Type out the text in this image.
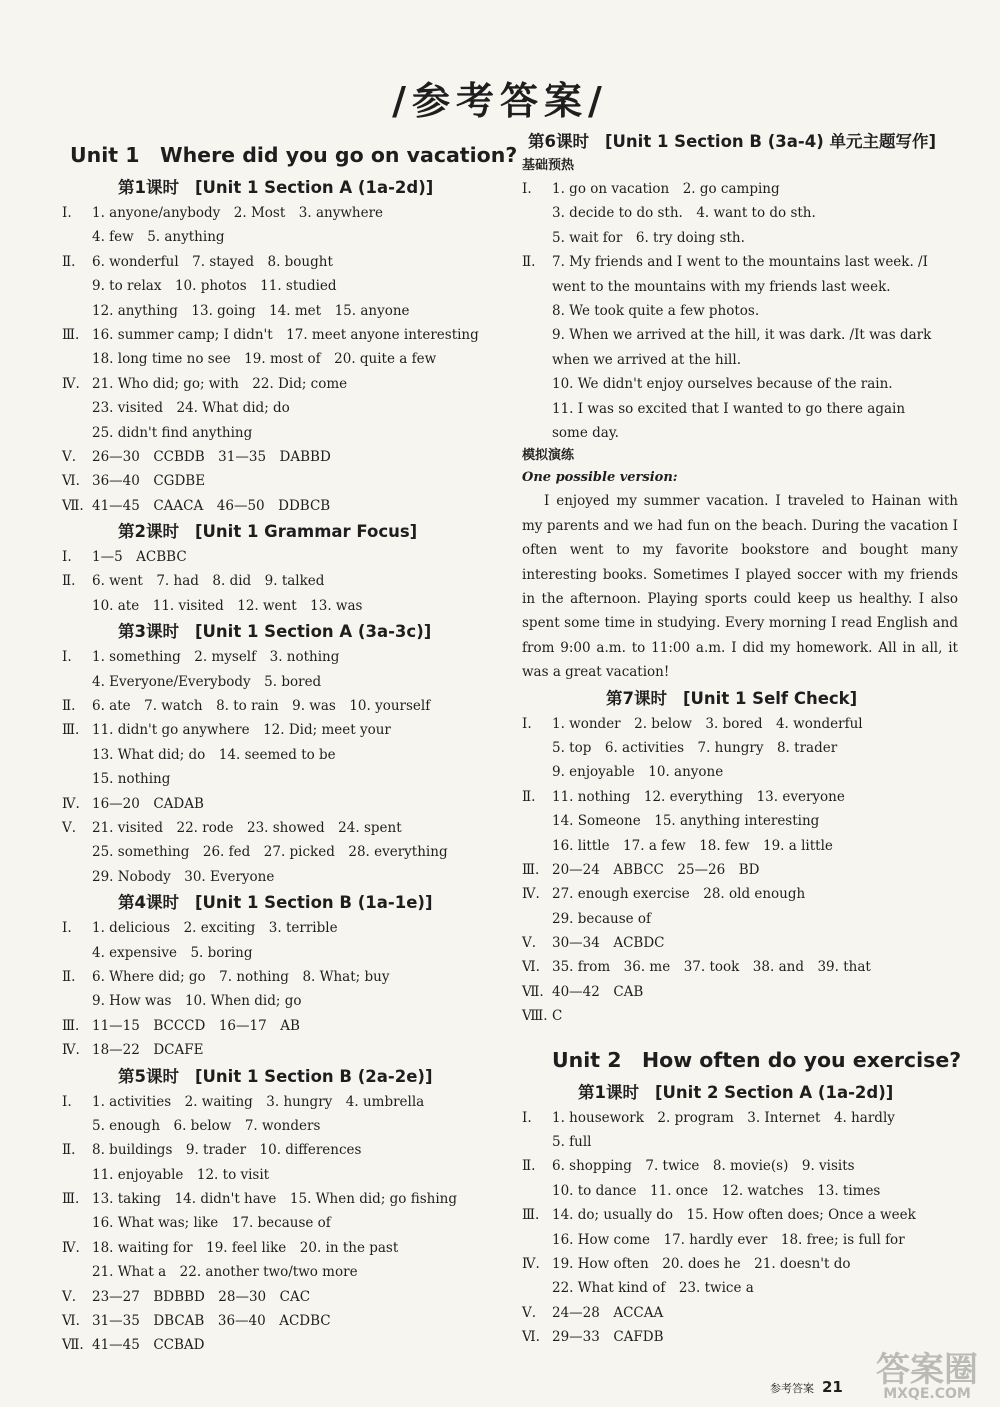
/参考答案/
Unit 1　Where did you go on vacation?
第1课时 [Unit 1 Section A (1a-2d)]
Ⅰ. 1. anyone/anybody　2. Most　3. anywhere
4. few　5. anything
Ⅱ. 6. wonderful　7. stayed　8. bought
9. to relax　10. photos　11. studied
12. anything　13. going　14. met　15. anyone
Ⅲ. 16. summer camp; I didn't　17. meet anyone interesting
18. long time no see　19. most of　20. quite a few
Ⅳ. 21. Who did; go; with　22. Did; come
23. visited　24. What did; do
25. didn't find anything
Ⅴ. 26—30　CCBDB　31—35　DABBD
Ⅵ. 36—40　CGDBE
Ⅶ. 41—45　CAACA　46—50　DDBCB
第2课时 [Unit 1 Grammar Focus]
Ⅰ. 1—5　ACBBC
Ⅱ. 6. went　7. had　8. did　9. talked
10. ate　11. visited　12. went　13. was
第3课时 [Unit 1 Section A (3a-3c)]
Ⅰ. 1. something　2. myself　3. nothing
4. Everyone/Everybody　5. bored
Ⅱ. 6. ate　7. watch　8. to rain　9. was　10. yourself
Ⅲ. 11. didn't go anywhere　12. Did; meet your
13. What did; do　14. seemed to be
15. nothing
Ⅳ. 16—20　CADAB
Ⅴ. 21. visited　22. rode　23. showed　24. spent
25. something　26. fed　27. picked　28. everything
29. Nobody　30. Everyone
第4课时 [Unit 1 Section B (1a-1e)]
Ⅰ. 1. delicious　2. exciting　3. terrible
4. expensive　5. boring
Ⅱ. 6. Where did; go　7. nothing　8. What; buy
9. How was　10. When did; go
Ⅲ. 11—15　BCCCD　16—17　AB
Ⅳ. 18—22　DCAFE
第5课时 [Unit 1 Section B (2a-2e)]
Ⅰ. 1. activities　2. waiting　3. hungry　4. umbrella
5. enough　6. below　7. wonders
Ⅱ. 8. buildings　9. trader　10. differences
11. enjoyable　12. to visit
Ⅲ. 13. taking　14. didn't have　15. When did; go fishing
16. What was; like　17. because of
Ⅳ. 18. waiting for　19. feel like　20. in the past
21. What a　22. another two/two more
Ⅴ. 23—27　BDBBD　28—30　CAC
Ⅵ. 31—35　DBCAB　36—40　ACDBC
Ⅶ. 41—45　CCBAD
第6课时 [Unit 1 Section B (3a-4) 单元主题写作]
基础预热
Ⅰ. 1. go on vacation　2. go camping
3. decide to do sth.　4. want to do sth.
5. wait for　6. try doing sth.
Ⅱ. 7. My friends and I went to the mountains last week. /I
went to the mountains with my friends last week.
8. We took quite a few photos.
9. When we arrived at the hill, it was dark. /It was dark
when we arrived at the hill.
10. We didn't enjoy ourselves because of the rain.
11. I was so excited that I wanted to go there again
some day.
模拟演练
One possible version:

I enjoyed my summer vacation. I traveled to Hainan with my parents and we had fun on the beach. During the vacation I often went to my favorite bookstore and bought many interesting books. Sometimes I played soccer with my friends in the afternoon. Playing sports could keep us healthy. I also spent some time in studying. Every morning I read English and from 9:00 a.m. to 11:00 a.m. I did my homework. All in all, it was a great vacation!

第7课时 [Unit 1 Self Check]
Ⅰ. 1. wonder　2. below　3. bored　4. wonderful
5. top　6. activities　7. hungry　8. trader
9. enjoyable　10. anyone
Ⅱ. 11. nothing　12. everything　13. everyone
14. Someone　15. anything interesting
16. little　17. a few　18. few　19. a little
Ⅲ. 20—24　ABBCC　25—26　BD
Ⅳ. 27. enough exercise　28. old enough
29. because of
Ⅴ. 30—34　ACBDC
Ⅵ. 35. from　36. me　37. took　38. and　39. that
Ⅶ. 40—42　CAB
Ⅷ. C
Unit 2　How often do you exercise?
第1课时 [Unit 2 Section A (1a-2d)]
Ⅰ. 1. housework　2. program　3. Internet　4. hardly
5. full
Ⅱ. 6. shopping　7. twice　8. movie(s)　9. visits
10. to dance　11. once　12. watches　13. times
Ⅲ. 14. do; usually do　15. How often does; Once a week
16. How come　17. hardly ever　18. free; is full for
Ⅳ. 19. How often　20. does he　21. doesn't do
22. What kind of　23. twice a
Ⅴ. 24—28　ACCAA
Ⅵ. 29—33　CAFDB
参考答案 21 答案圈
MXQE.COM
